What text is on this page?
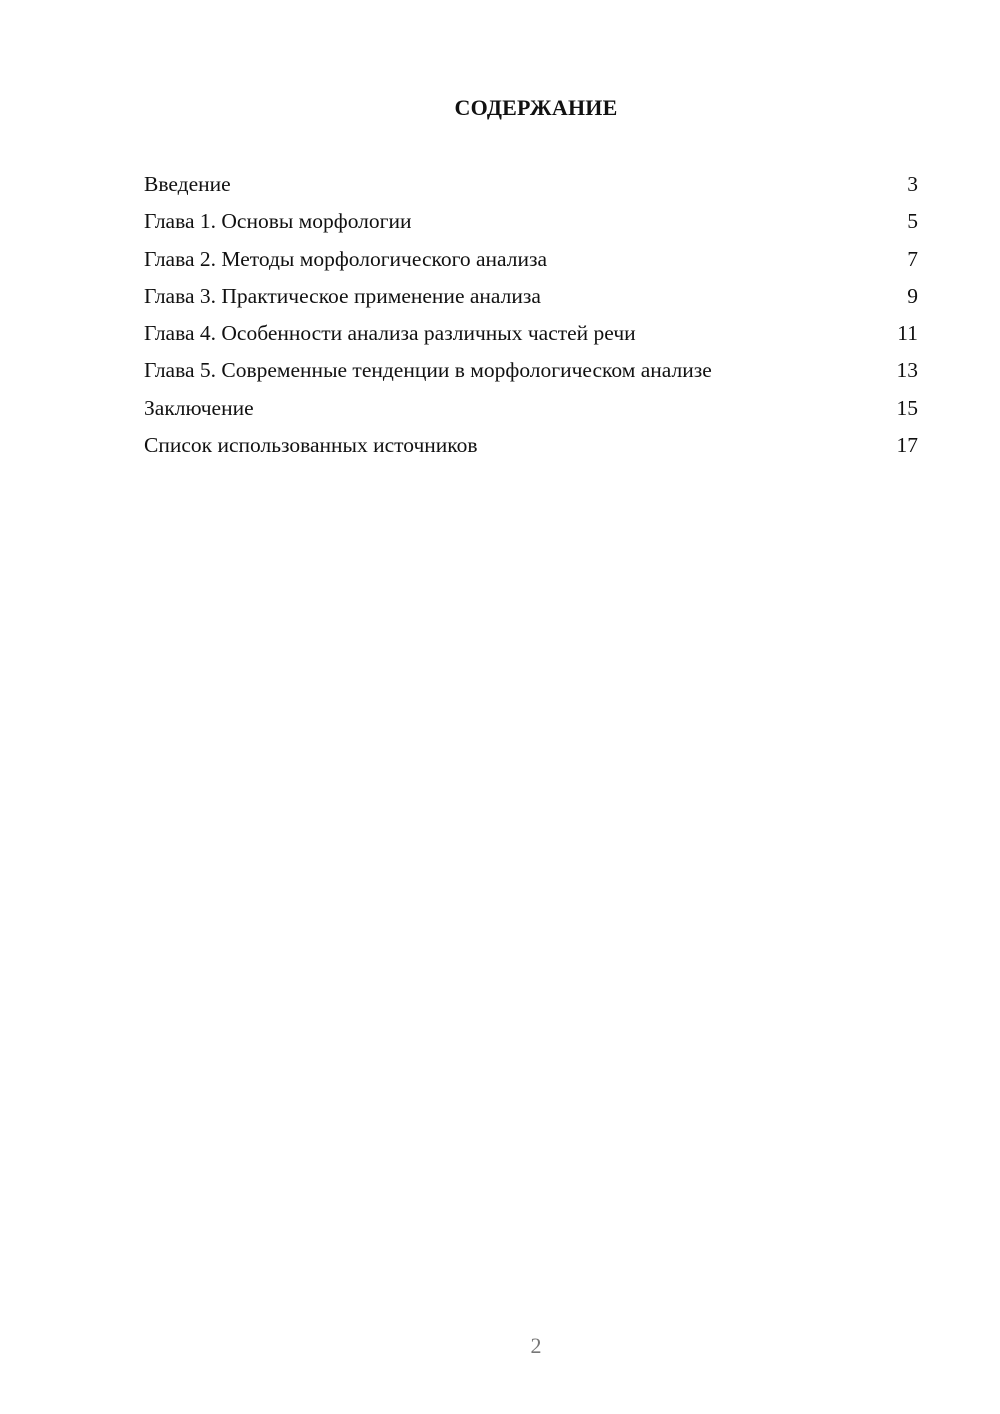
СОДЕРЖАНИЕ
Введение	3
Глава 1. Основы морфологии	5
Глава 2. Методы морфологического анализа	7
Глава 3. Практическое применение анализа	9
Глава 4. Особенности анализа различных частей речи	11
Глава 5. Современные тенденции в морфологическом анализе	13
Заключение	15
Список использованных источников	17
2
